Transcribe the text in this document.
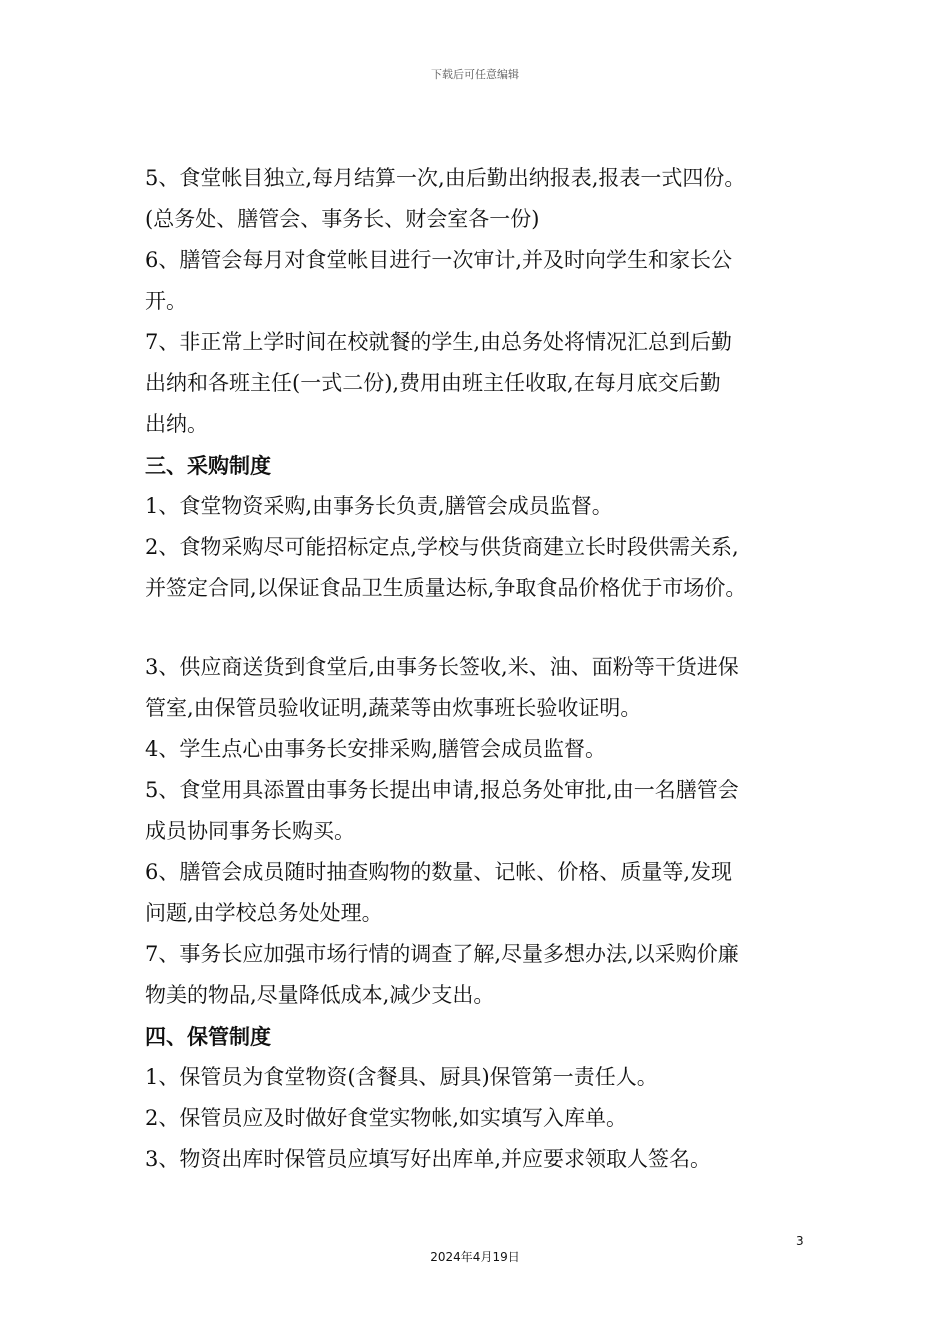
下载后可任意编辑
5、食堂帐目独立,每月结算一次,由后勤出纳报表,报表一式四份。
(总务处、膳管会、事务长、财会室各一份)
6、膳管会每月对食堂帐目进行一次审计,并及时向学生和家长公
开。
7、非正常上学时间在校就餐的学生,由总务处将情况汇总到后勤
出纳和各班主任(一式二份),费用由班主任收取,在每月底交后勤
出纳。
三、采购制度
1、食堂物资采购,由事务长负责,膳管会成员监督。
2、食物采购尽可能招标定点,学校与供货商建立长时段供需关系,
并签定合同,以保证食品卫生质量达标,争取食品价格优于市场价。
3、供应商送货到食堂后,由事务长签收,米、油、面粉等干货进保
管室,由保管员验收证明,蔬菜等由炊事班长验收证明。
4、学生点心由事务长安排采购,膳管会成员监督。
5、食堂用具添置由事务长提出申请,报总务处审批,由一名膳管会
成员协同事务长购买。
6、膳管会成员随时抽查购物的数量、记帐、价格、质量等,发现
问题,由学校总务处处理。
7、事务长应加强市场行情的调查了解,尽量多想办法,以采购价廉
物美的物品,尽量降低成本,减少支出。
四、保管制度
1、保管员为食堂物资(含餐具、厨具)保管第一责任人。
2、保管员应及时做好食堂实物帐,如实填写入库单。
3、物资出库时保管员应填写好出库单,并应要求领取人签名。
3
2024年4月19日
